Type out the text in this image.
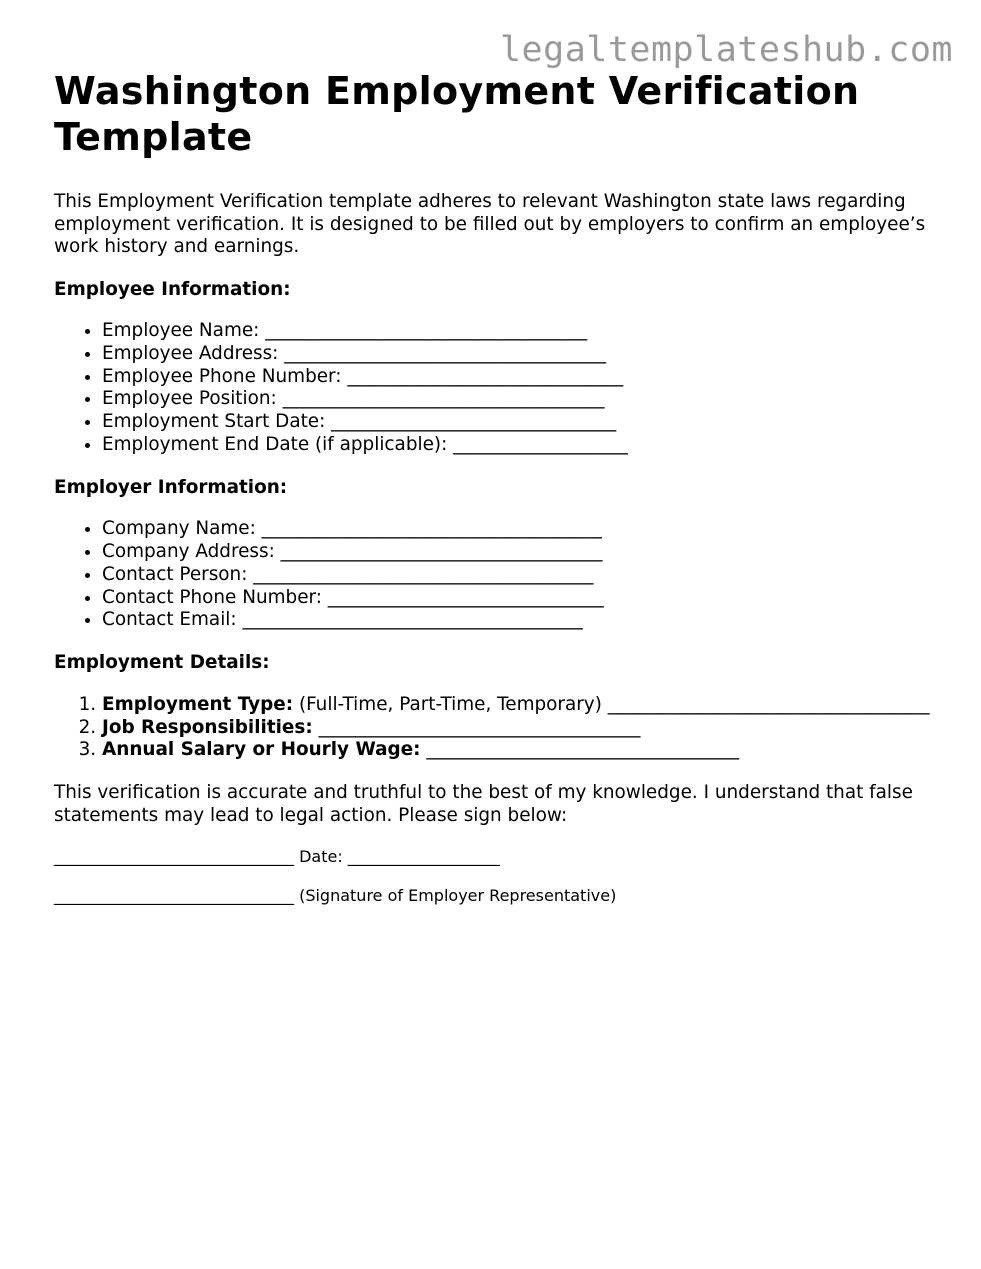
legaltemplateshub.com
Washington Employment Verification Template

This Employment Verification template adheres to relevant Washington state laws regarding employment verification. It is designed to be filled out by employers to confirm an employee’s work history and earnings.

Employee Information:
• Employee Name: ___________________________________
• Employee Address: ___________________________________
• Employee Phone Number: ______________________________
• Employee Position: ___________________________________
• Employment Start Date: _______________________________
• Employment End Date (if applicable): ___________________
Employer Information:
• Company Name: _____________________________________
• Company Address: ___________________________________
• Contact Person: _____________________________________
• Contact Phone Number: ______________________________
• Contact Email: _____________________________________
Employment Details:
1. Employment Type: (Full-Time, Part-Time, Temporary) ___________________________________
2. Job Responsibilities: ___________________________________
3. Annual Salary or Hourly Wage: __________________________________

This verification is accurate and truthful to the best of my knowledge. I understand that false statements may lead to legal action. Please sign below:

______________________________ Date: ___________________
______________________________ (Signature of Employer Representative)
